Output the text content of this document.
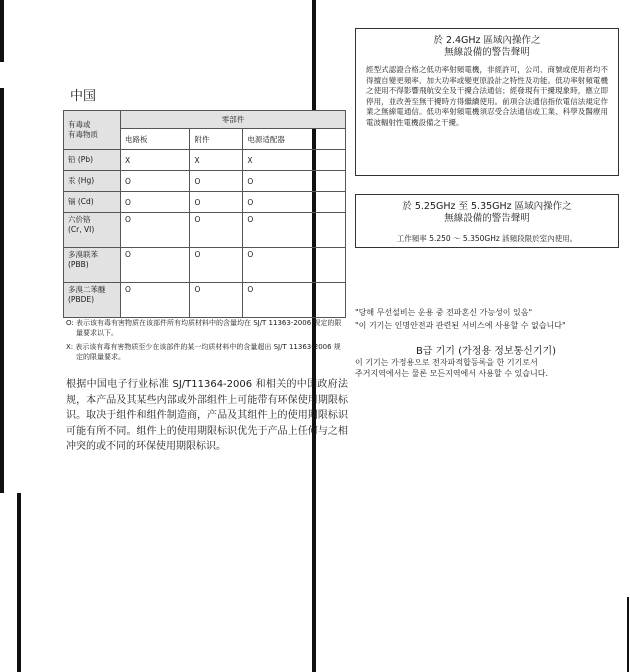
中国
有毒或
有毒物质	零部件		
	电路板	附件	电源适配器
铅 (Pb)	X	X	X
汞 (Hg)	O	O	O
镉 (Cd)	O	O	O
六价铬
(Cr, VI)	O	O	O
多溴联苯
(PBB)	O	O	O
多溴二苯醚
(PBDE)	O	O	O

O: 表示该有毒有害物质在该部件所有均质材料中的含量均在 SJ/T 11363-2006 规定的限量要求以下。

X: 表示该有毒有害物质至少在该部件的某一均质材料中的含量超出 SJ/T 11363-2006 规定的限量要求。

根据中国电子行业标准 SJ/T11364-2006 和相关的中国政府法规，本产品及其某些内部或外部组件上可能带有环保使用期限标识。取决于组件和组件制造商，产品及其组件上的使用期限标识可能有所不同。组件上的使用期限标识优先于产品上任何与之相冲突的或不同的环保使用期限标识。
於 2.4GHz 區域內操作之
無線設備的警告聲明
經型式認證合格之低功率射頻電機，非經許可，公司、商號或使用者均不得擅自變更頻率、加大功率或變更原設計之特性及功能。低功率射頻電機之使用不得影響飛航安全及干擾合法通信；經發現有干擾現象時，應立即停用，並改善至無干擾時方得繼續使用。前項合法通信指依電信法規定作業之無線電通信。低功率射頻電機須忍受合法通信或工業、科學及醫療用電波輻射性電機設備之干擾。
於 5.25GHz 至 5.35GHz 區域內操作之
無線設備的警告聲明
工作頻率 5.250 ～ 5.350GHz 該頻段限於室內使用。
"당해 무선설비는 운용 중 전파혼신 가능성이 있음"
"이 기기는 인명안전과 관련된 서비스에 사용할 수 없습니다"
B급 기기 (가정용 정보통신기기)
이 기기는 가정용으로 전자파적합등록을 한 기기로서
주거지역에서는 물론 모든지역에서 사용할 수 있습니다.
